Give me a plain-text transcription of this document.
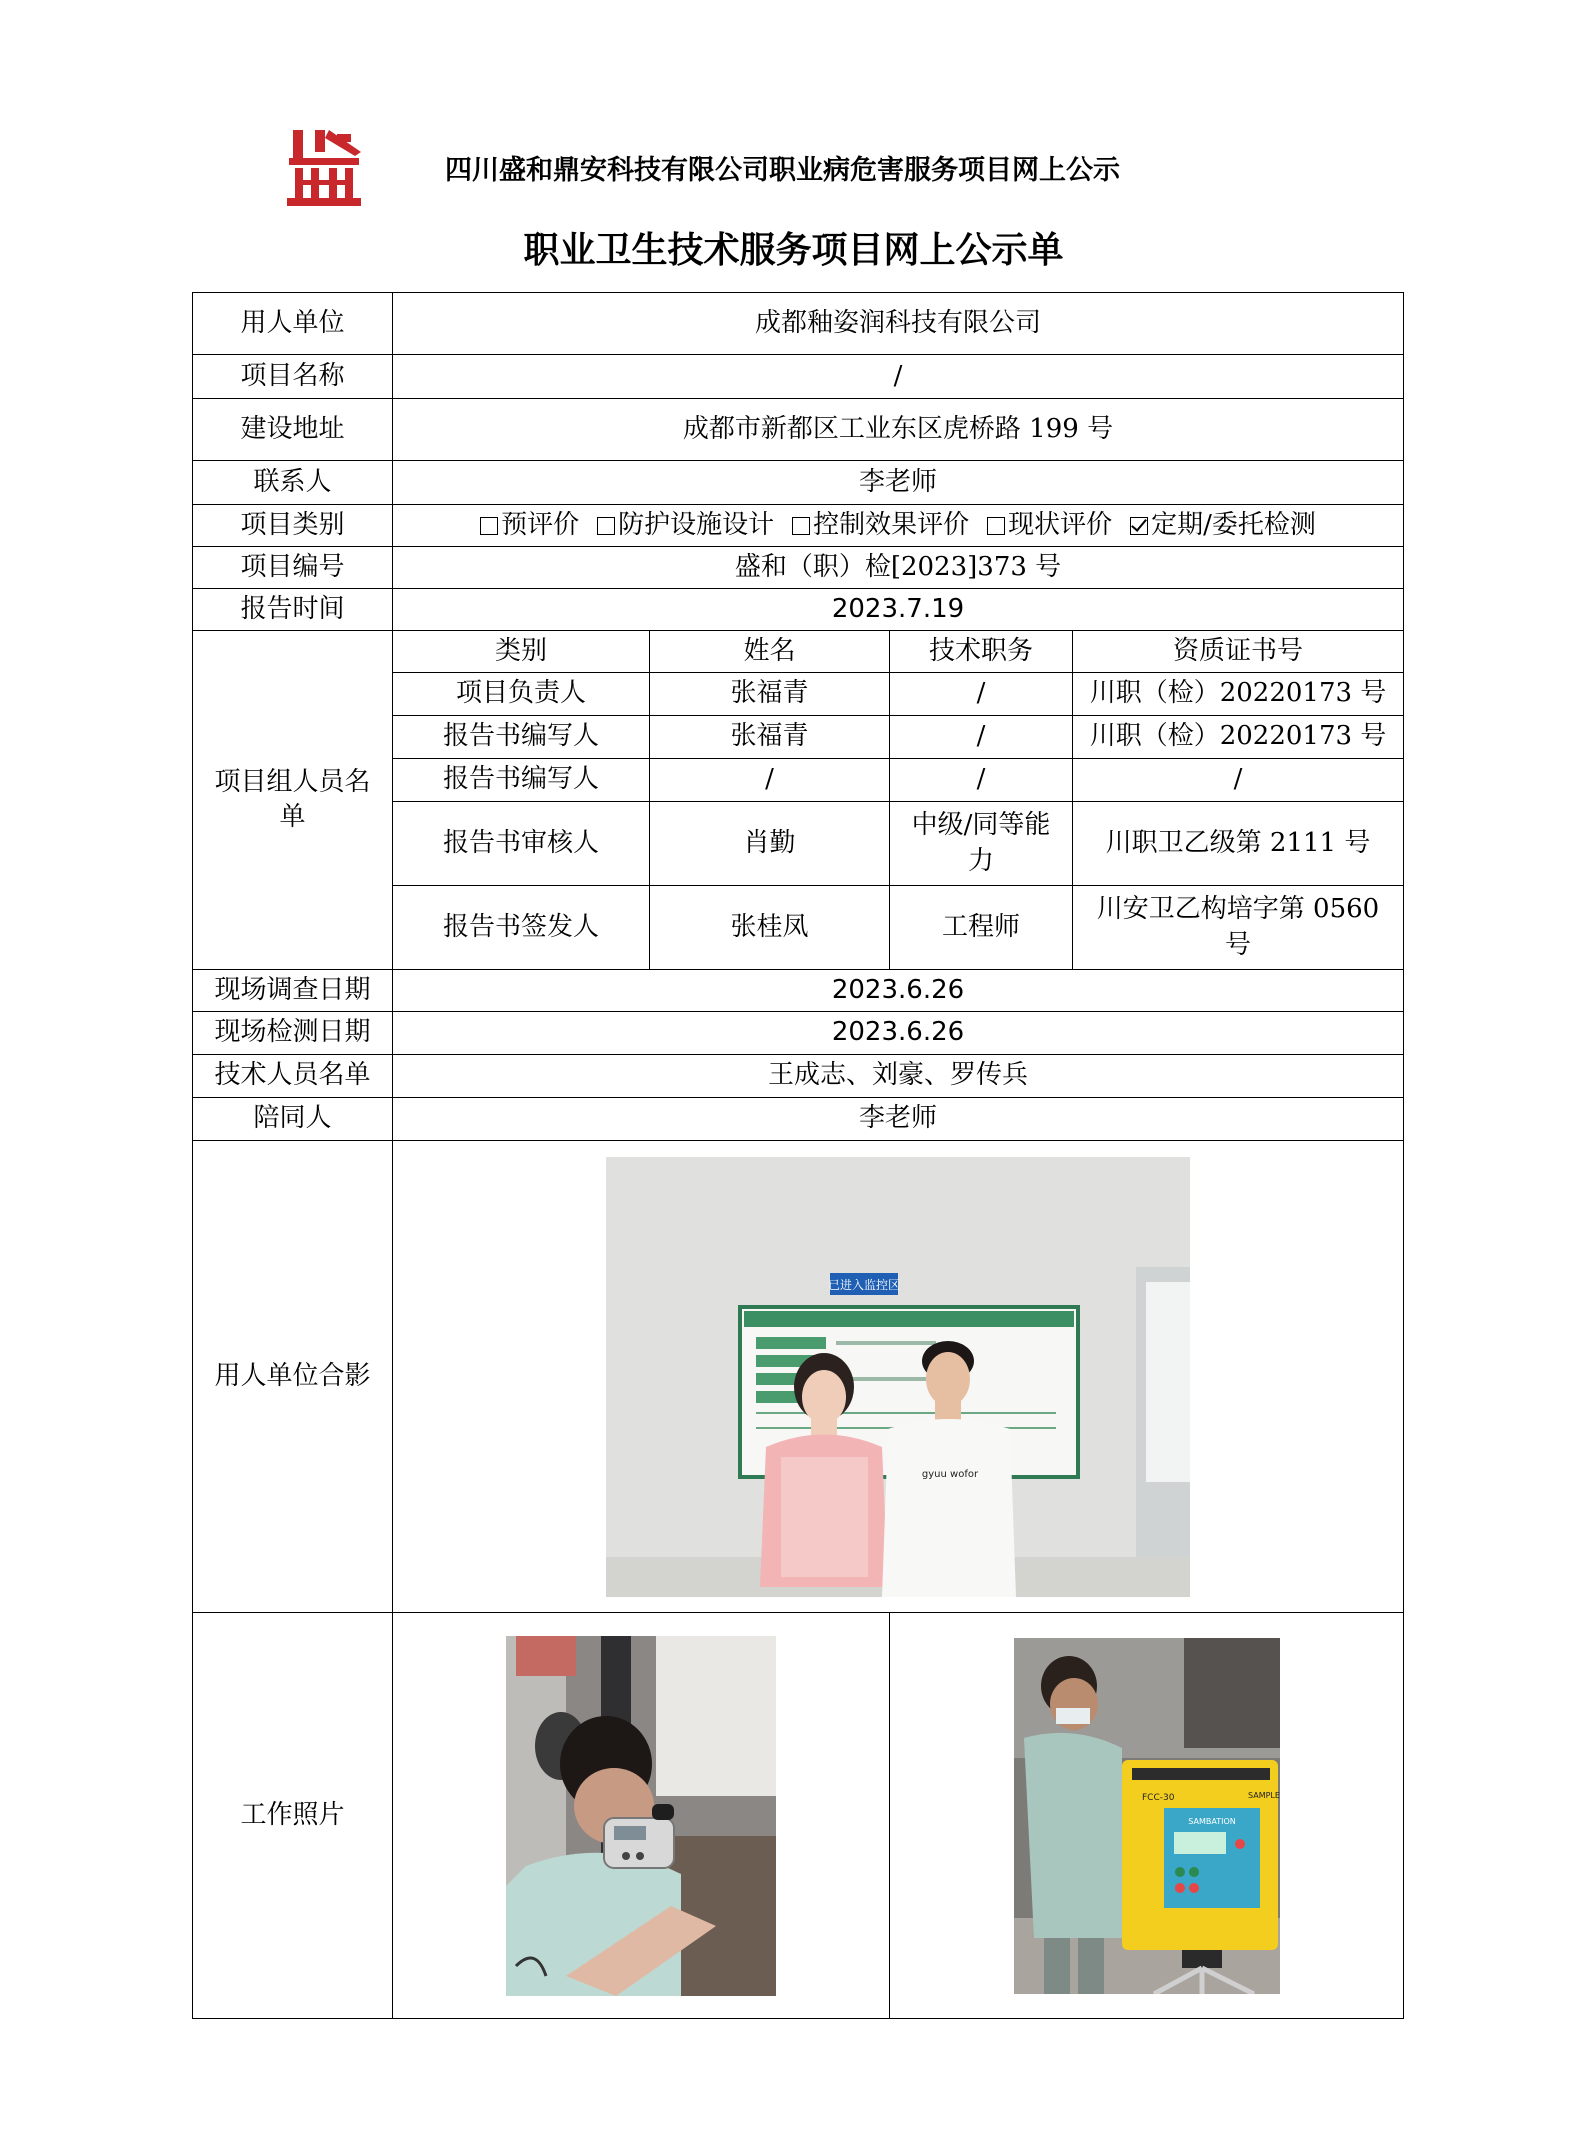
四川盛和鼎安科技有限公司职业病危害服务项目网上公示
职业卫生技术服务项目网上公示单
用人单位	成都釉姿润科技有限公司			
项目名称	/			
建设地址	成都市新都区工业东区虎桥路 199 号			
联系人	李老师			
项目类别	预评价 防护设施设计 控制效果评价 现状评价 定期/委托检测			
项目编号	盛和（职）检[2023]373 号			
报告时间	2023.7.19			
项目组人员名单	类别	姓名	技术职务	资质证书号
	项目负责人	张福青	/	川职（检）20220173 号
	报告书编写人	张福青	/	川职（检）20220173 号
	报告书编写人	/	/	/
	报告书审核人	肖勤	中级/同等能力	川职卫乙级第 2111 号
	报告书签发人	张桂凤	工程师	川安卫乙构培字第 0560 号
现场调查日期	2023.6.26			
现场检测日期	2023.6.26			
技术人员名单	王成志、刘豪、罗传兵			
陪同人	李老师			
用人单位合影	已进入监控区
gyuu wofor			

工作照片			FCC-30
SAMBATION
SAMPLE	
